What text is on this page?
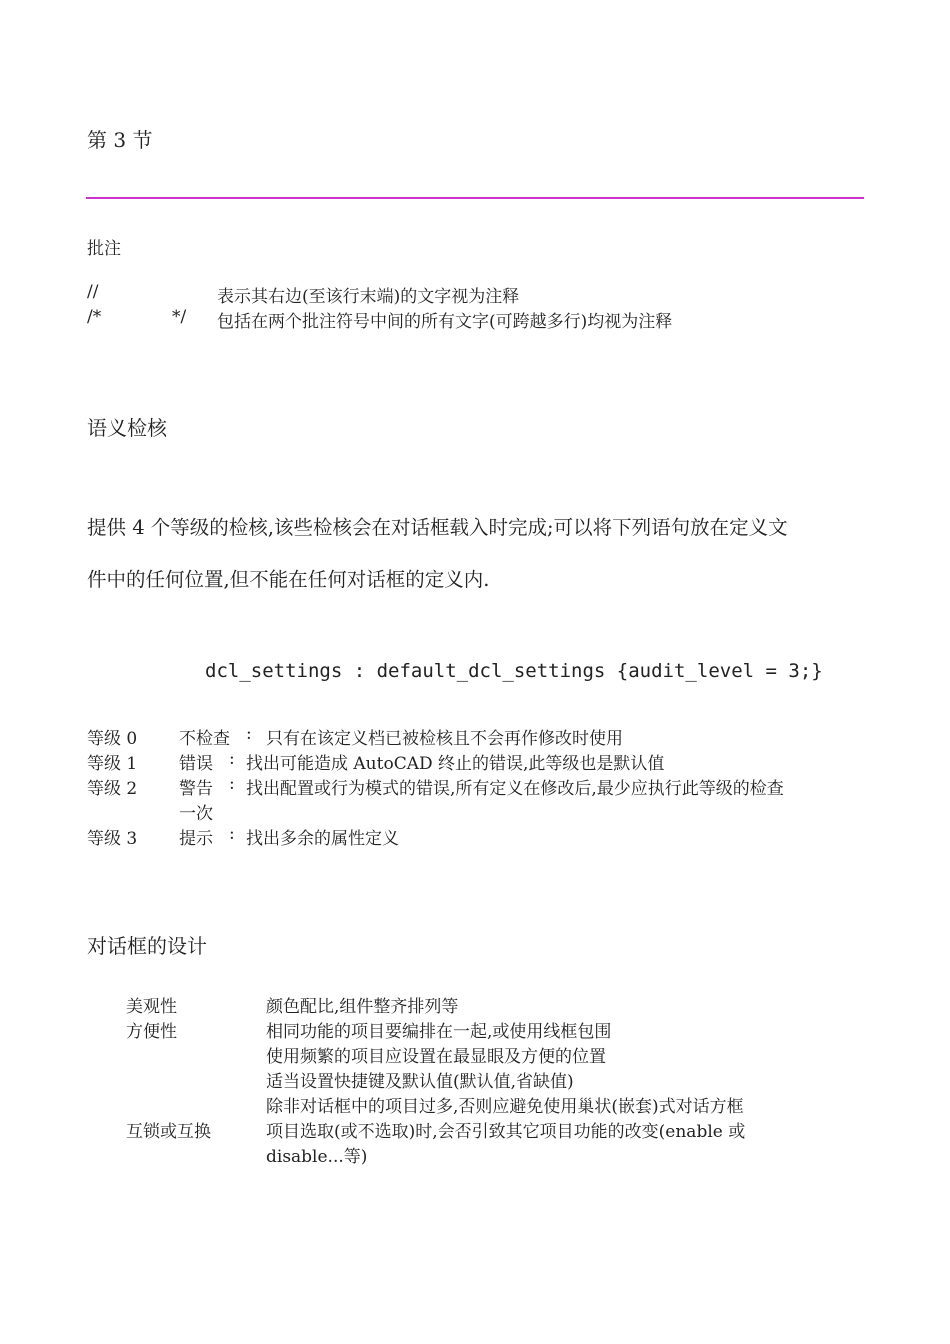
第 3 节
批注
//	表示其右边(至该行末端)的文字视为注释
/*	*/ 包括在两个批注符号中间的所有文字(可跨越多行)均视为注释
语义检核
提供 4 个等级的检核,该些检核会在对话框载入时完成;可以将下列语句放在定义文
件中的任何位置,但不能在任何对话框的定义内.
dcl_settings : default_dcl_settings {audit_level = 3;}
等级 0 不检查 : 只有在该定义档已被检核且不会再作修改时使用
等级 1 错误 : 找出可能造成 AutoCAD 终止的错误,此等级也是默认值
等级 2 警告 : 找出配置或行为模式的错误,所有定义在修改后,最少应执行此等级的检查
一次
等级 3 提示 : 找出多余的属性定义
对话框的设计
美观性	颜色配比,组件整齐排列等
方便性	相同功能的项目要编排在一起,或使用线框包围
使用频繁的项目应设置在最显眼及方便的位置
适当设置快捷键及默认值(默认值,省缺值)
除非对话框中的项目过多,否则应避免使用巢状(嵌套)式对话方框
互锁或互换	项目选取(或不选取)时,会否引致其它项目功能的改变(enable 或
disable...等)
